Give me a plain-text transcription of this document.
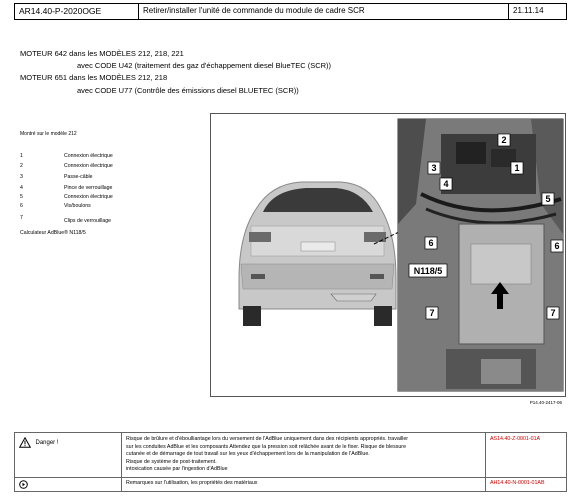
AR14.40-P-2020OGE	Retirer/installer l'unité de commande du module de cadre SCR	21.11.14
MOTEUR 642 dans les MODÈLES 212, 218, 221
avec CODE U42 (traitement des gaz d'échappement diesel BlueTEC (SCR))
MOTEUR 651 dans les MODÈLES 212, 218
avec CODE U77 (Contrôle des émissions diesel BLUETEC (SCR))
Montré sur le modèle 212
1	Connexion électrique
2	Connexion électrique
3	Passe-câble
4	Pince de verrouillage
5	Connexion électrique
6	Vis/boulons
7	Clips de verrouillage
Calculateur AdBlue® N118/5
2
3	1
4
5
6	6
N118/5
7	7
P14.40-2417-06
Danger !
Risque de brûlure et d'éboulliantage lors du versement de l'AdBlue uniquement dans des récipients appropriés. travailler
sur les conduites AdBlue et les composants Attendez que la pression soit relâchée avant de le fixer. Risque de blessure
cutanée et de démarrage de tout travail sur les yeux d'échappement lors de la manipulation de l'AdBlue.
Risque de système de post-traitement.
intoxication causée par l'ingestion d'AdBlue
AS14.40-Z-0001-01A
Remarques sur l'utilisation, les propriétés des matériaux	AH14.40-N-0001-01AB
